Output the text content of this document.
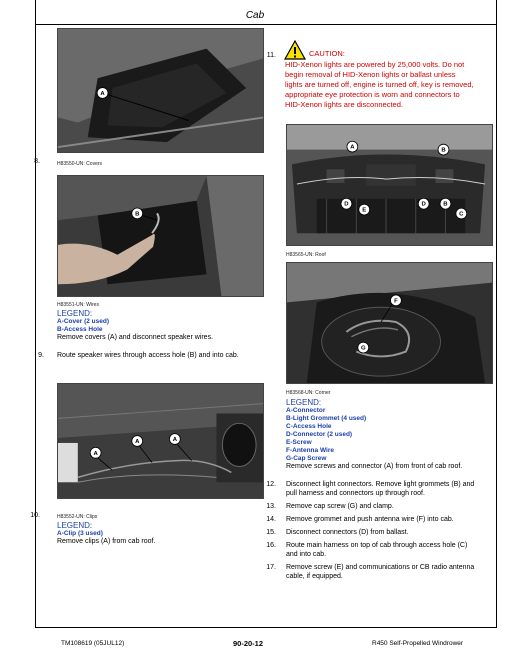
Cab
A
8.	H83550-UN: Covers
B
H83551-UN: Wires
LEGEND:
A-Cover (2 used)
B-Access Hole
Remove covers (A) and disconnect speaker wires.
9. Route speaker wires through access hole (B) and into cab.
A
A	A
10.	H83552-UN: Clips
LEGEND:
A-Clip (3 used)
Remove clips (A) from cab roof.
11.	CAUTION:
HID-Xenon lights are powered by 25,000 volts. Do not
begin removal of HID-Xenon lights or ballast unless
lights are turned off, engine is turned off, key is removed,
appropriate eye protection is worn and connectors to
HID-Xenon lights are disconnected.
A	B
D
E
D	B
C
H83565-UN: Roof
F
G
H83568-UN: Corner
LEGEND:
A-Connector
B-Light Grommet (4 used)
C-Access Hole
D-Connector (2 used)
E-Screw
F-Antenna Wire
G-Cap Screw
Remove screws and connector (A) from front of cab roof.
12. Disconnect light connectors. Remove light grommets (B) and
pull harness and connectors up through roof.
13. Remove cap screw (G) and clamp.
14. Remove grommet and push antenna wire (F) into cab.
15. Disconnect connectors (D) from ballast.
16. Route main harness on top of cab through access hole (C)
and into cab.
17. Remove screw (E) and communications or CB radio antenna
cable, if equipped.
TM108619 (05JUL12)	90-20-12	R450 Self-Propelled Windrower
